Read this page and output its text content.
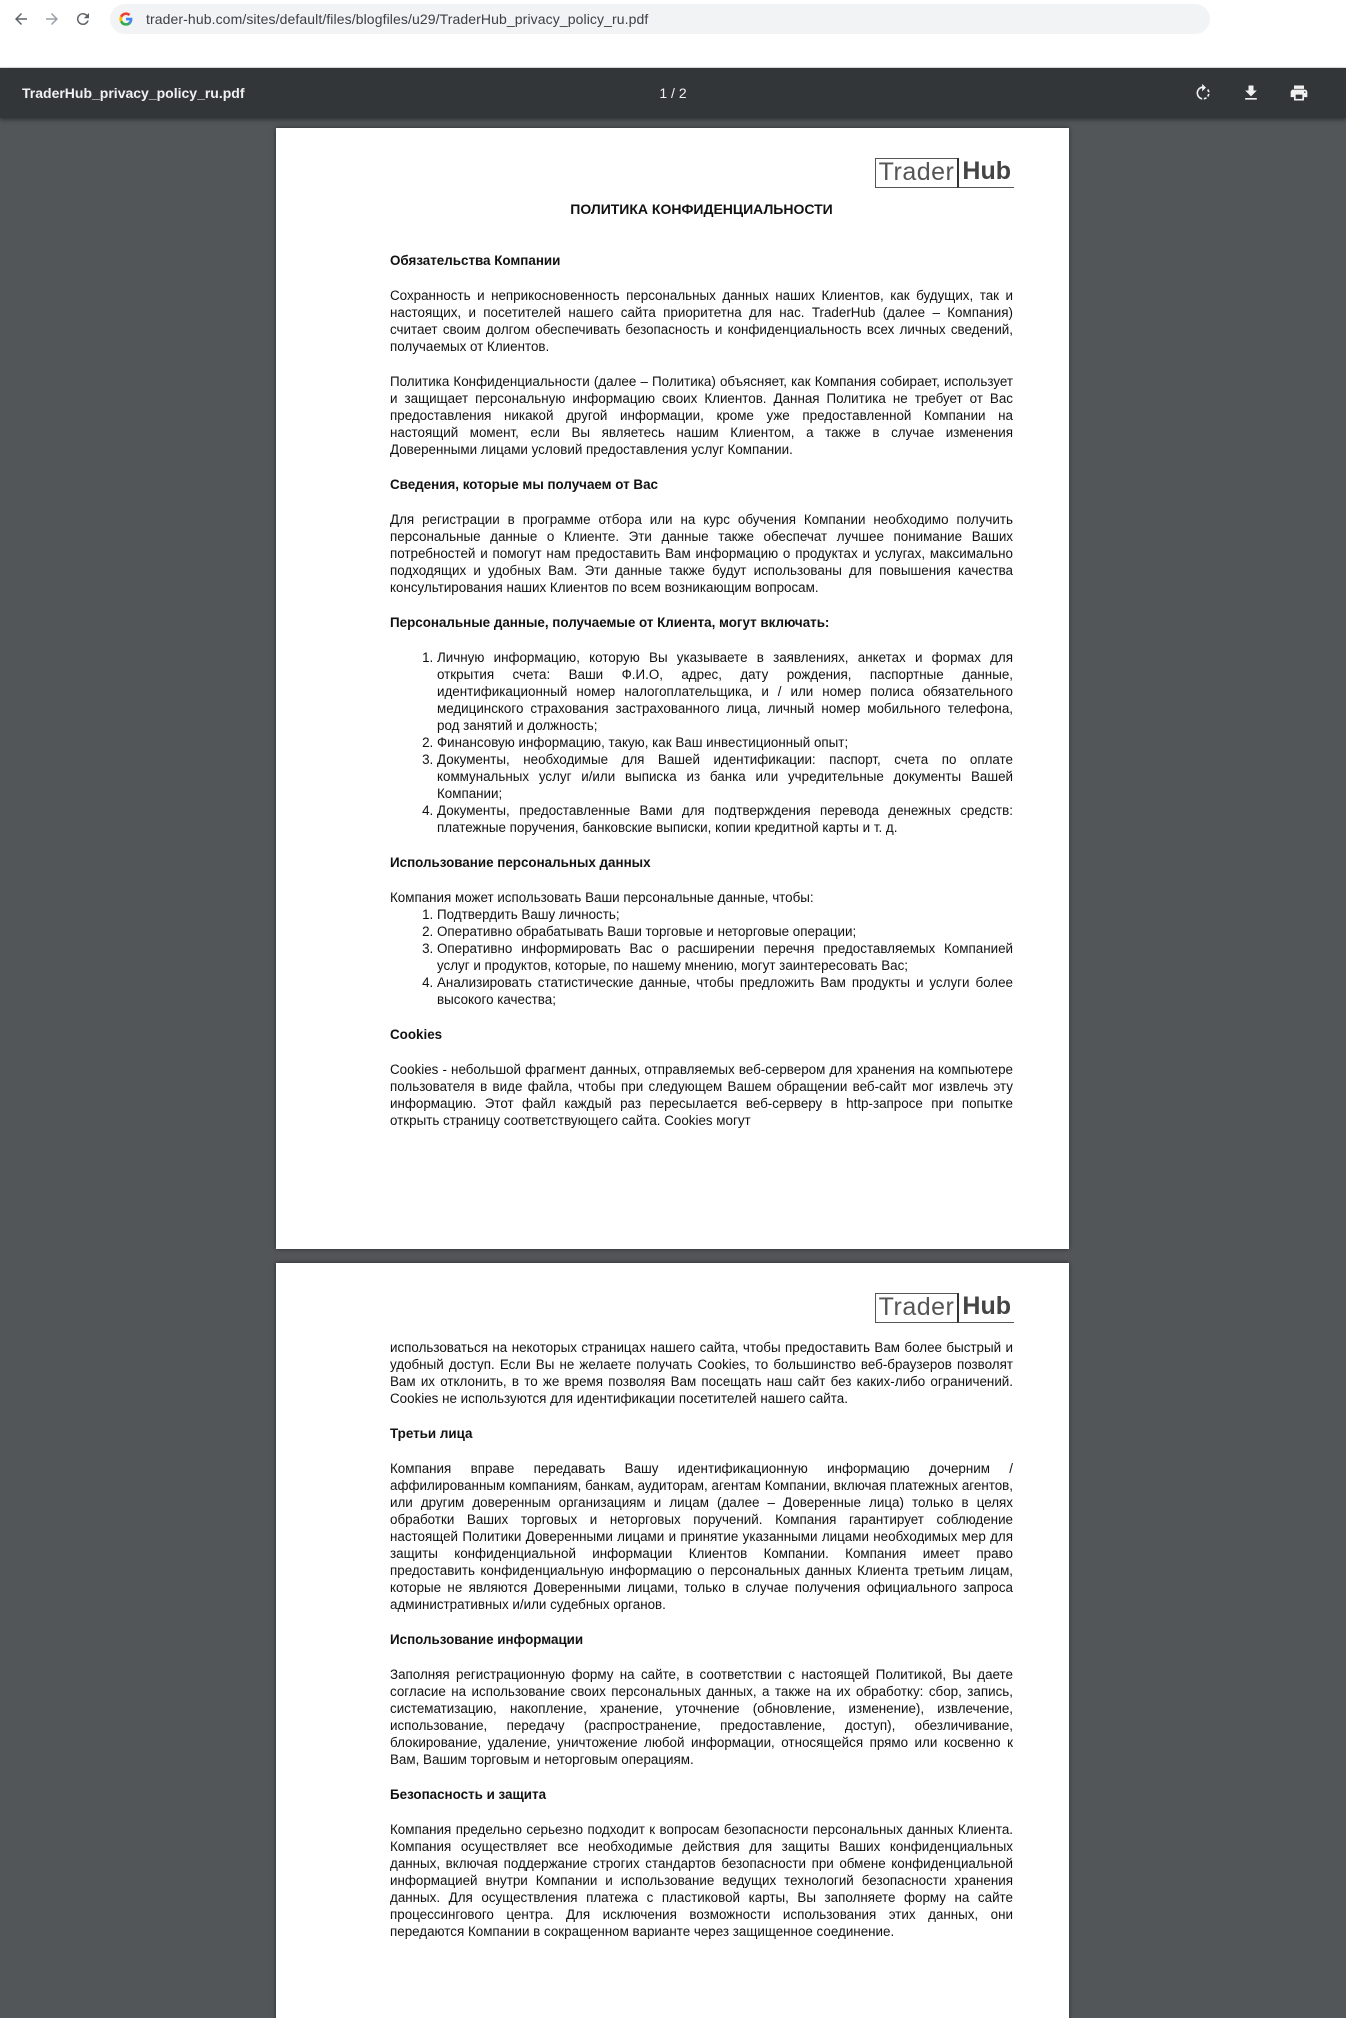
trader-hub.com/sites/default/files/blogfiles/u29/TraderHub_privacy_policy_ru.pdf
TraderHub_privacy_policy_ru.pdf	1 / 2
Trader Hub
ПОЛИТИКА КОНФИДЕНЦИАЛЬНОСТИ
Обязательства Компании
Сохранность и неприкосновенность персональных данных наших Клиентов, как будущих, так и настоящих, и посетителей нашего сайта приоритетна для нас. TraderHub (далее – Компания) считает своим долгом обеспечивать безопасность и конфиденциальность всех личных сведений, получаемых от Клиентов.
Политика Конфиденциальности (далее – Политика) объясняет, как Компания собирает, использует и защищает персональную информацию своих Клиентов. Данная Политика не требует от Вас предоставления никакой другой информации, кроме уже предоставленной Компании на настоящий момент, если Вы являетесь нашим Клиентом, а также в случае изменения Доверенными лицами условий предоставления услуг Компании.
Сведения, которые мы получаем от Вас
Для регистрации в программе отбора или на курс обучения Компании необходимо получить персональные данные о Клиенте. Эти данные также обеспечат лучшее понимание Ваших потребностей и помогут нам предоставить Вам информацию о продуктах и услугах, максимально подходящих и удобных Вам. Эти данные также будут использованы для повышения качества консультирования наших Клиентов по всем возникающим вопросам.
Персональные данные, получаемые от Клиента, могут включать:
1. Личную информацию, которую Вы указываете в заявлениях, анкетах и формах для открытия счета: Ваши Ф.И.О, адрес, дату рождения, паспортные данные, идентификационный номер налогоплательщика, и / или номер полиса обязательного медицинского страхования застрахованного лица, личный номер мобильного телефона, род занятий и должность;
2. Финансовую информацию, такую, как Ваш инвестиционный опыт;
3. Документы, необходимые для Вашей идентификации: паспорт, счета по оплате коммунальных услуг и/или выписка из банка или учредительные документы Вашей Компании;
4. Документы, предоставленные Вами для подтверждения перевода денежных средств: платежные поручения, банковские выписки, копии кредитной карты и т. д.
Использование персональных данных
Компания может использовать Ваши персональные данные, чтобы:
1. Подтвердить Вашу личность;
2. Оперативно обрабатывать Ваши торговые и неторговые операции;
3. Оперативно информировать Вас о расширении перечня предоставляемых Компанией услуг и продуктов, которые, по нашему мнению, могут заинтересовать Вас;
4. Анализировать статистические данные, чтобы предложить Вам продукты и услуги более высокого качества;
Cookies
Cookies - небольшой фрагмент данных, отправляемых веб-сервером для хранения на компьютере пользователя в виде файла, чтобы при следующем Вашем обращении веб-сайт мог извлечь эту информацию. Этот файл каждый раз пересылается веб-серверу в http-запросе при попытке открыть страницу соответствующего сайта. Cookies могут
Trader Hub
использоваться на некоторых страницах нашего сайта, чтобы предоставить Вам более быстрый и удобный доступ. Если Вы не желаете получать Cookies, то большинство веб-браузеров позволят Вам их отклонить, в то же время позволяя Вам посещать наш сайт без каких-либо ограничений. Cookies не используются для идентификации посетителей нашего сайта.
Третьи лица
Компания вправе передавать Вашу идентификационную информацию дочерним / аффилированным компаниям, банкам, аудиторам, агентам Компании, включая платежных агентов, или другим доверенным организациям и лицам (далее – Доверенные лица) только в целях обработки Ваших торговых и неторговых поручений. Компания гарантирует соблюдение настоящей Политики Доверенными лицами и принятие указанными лицами необходимых мер для защиты конфиденциальной информации Клиентов Компании. Компания имеет право предоставить конфиденциальную информацию о персональных данных Клиента третьим лицам, которые не являются Доверенными лицами, только в случае получения официального запроса административных и/или судебных органов.
Использование информации
Заполняя регистрационную форму на сайте, в соответствии с настоящей Политикой, Вы даете согласие на использование своих персональных данных, а также на их обработку: сбор, запись, систематизацию, накопление, хранение, уточнение (обновление, изменение), извлечение, использование, передачу (распространение, предоставление, доступ), обезличивание, блокирование, удаление, уничтожение любой информации, относящейся прямо или косвенно к Вам, Вашим торговым и неторговым операциям.
Безопасность и защита
Компания предельно серьезно подходит к вопросам безопасности персональных данных Клиента. Компания осуществляет все необходимые действия для защиты Ваших конфиденциальных данных, включая поддержание строгих стандартов безопасности при обмене конфиденциальной информацией внутри Компании и использование ведущих технологий безопасности хранения данных. Для осуществления платежа с пластиковой карты, Вы заполняете форму на сайте процессингового центра. Для исключения возможности использования этих данных, они передаются Компании в сокращенном варианте через защищенное соединение.
